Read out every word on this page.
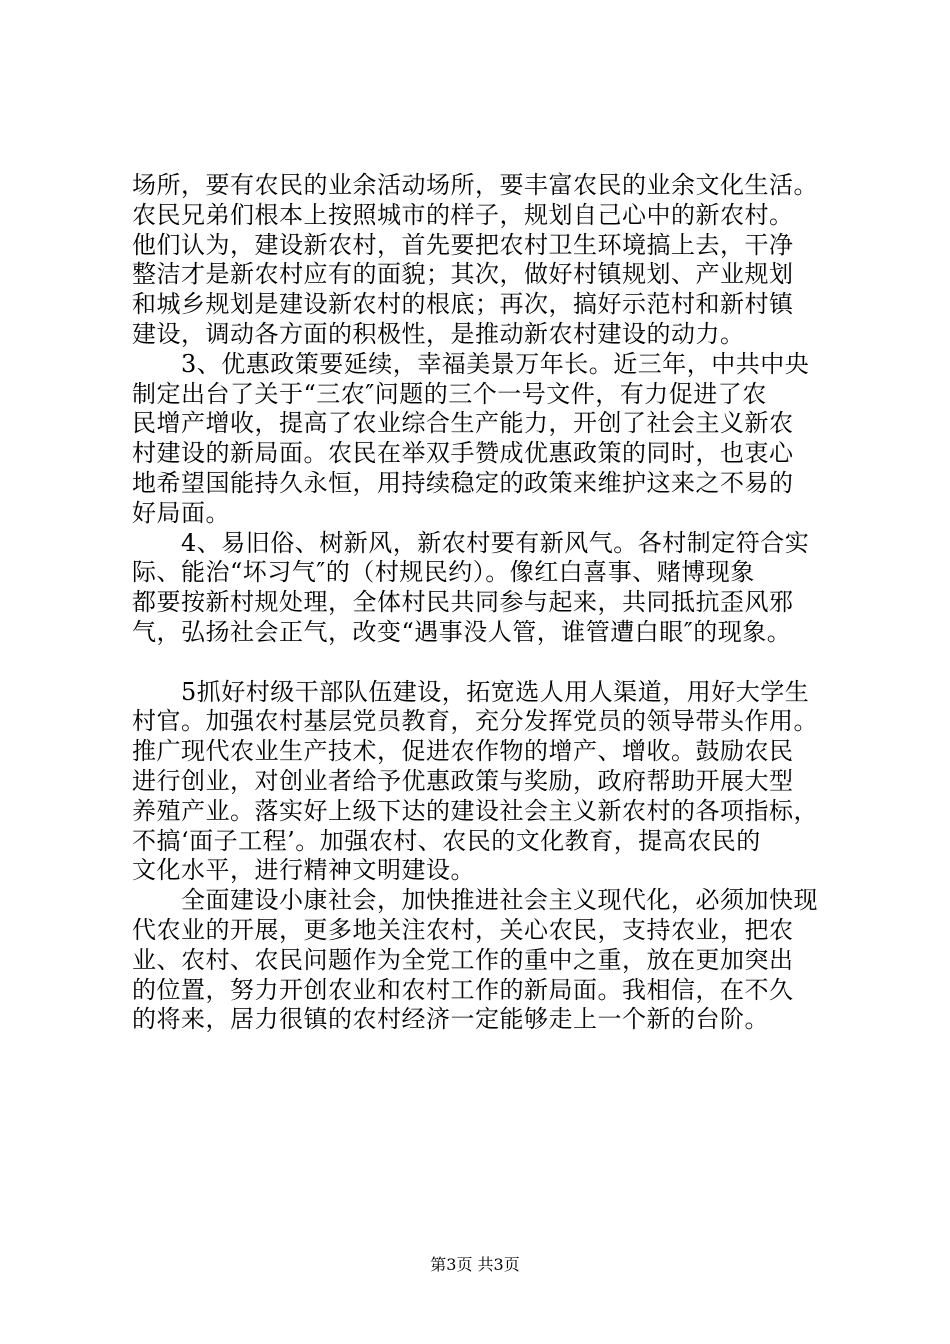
场所，要有农民的业余活动场所，要丰富农民的业余文化生活。
农民兄弟们根本上按照城市的样子，规划自己心中的新农村。
他们认为，建设新农村，首先要把农村卫生环境搞上去，干净
整洁才是新农村应有的面貌；其次，做好村镇规划、产业规划
和城乡规划是建设新农村的根底；再次，搞好示范村和新村镇
建设，调动各方面的积极性，是推动新农村建设的动力。
　　3、优惠政策要延续，幸福美景万年长。近三年，中共中央
制定出台了关于“三农″问题的三个一号文件，有力促进了农
民增产增收，提高了农业综合生产能力，开创了社会主义新农
村建设的新局面。农民在举双手赞成优惠政策的同时，也衷心
地希望国能持久永恒，用持续稳定的政策来维护这来之不易的
好局面。
　　4、易旧俗、树新风，新农村要有新风气。各村制定符合实
际、能治“坏习气″的（村规民约）。像红白喜事、赌博现象
都要按新村规处理，全体村民共同参与起来，共同抵抗歪风邪
气，弘扬社会正气，改变“遇事没人管，谁管遭白眼″的现象。
　　5抓好村级干部队伍建设，拓宽选人用人渠道，用好大学生
村官。加强农村基层党员教育，充分发挥党员的领导带头作用。
推广现代农业生产技术，促进农作物的增产、增收。鼓励农民
进行创业，对创业者给予优惠政策与奖励，政府帮助开展大型
养殖产业。落实好上级下达的建设社会主义新农村的各项指标，
不搞‘面子工程’。加强农村、农民的文化教育，提高农民的
文化水平，进行精神文明建设。
　　全面建设小康社会，加快推进社会主义现代化，必须加快现
代农业的开展，更多地关注农村，关心农民，支持农业，把农
业、农村、农民问题作为全党工作的重中之重，放在更加突出
的位置，努力开创农业和农村工作的新局面。我相信，在不久
的将来，居力很镇的农村经济一定能够走上一个新的台阶。
第3页 共3页
